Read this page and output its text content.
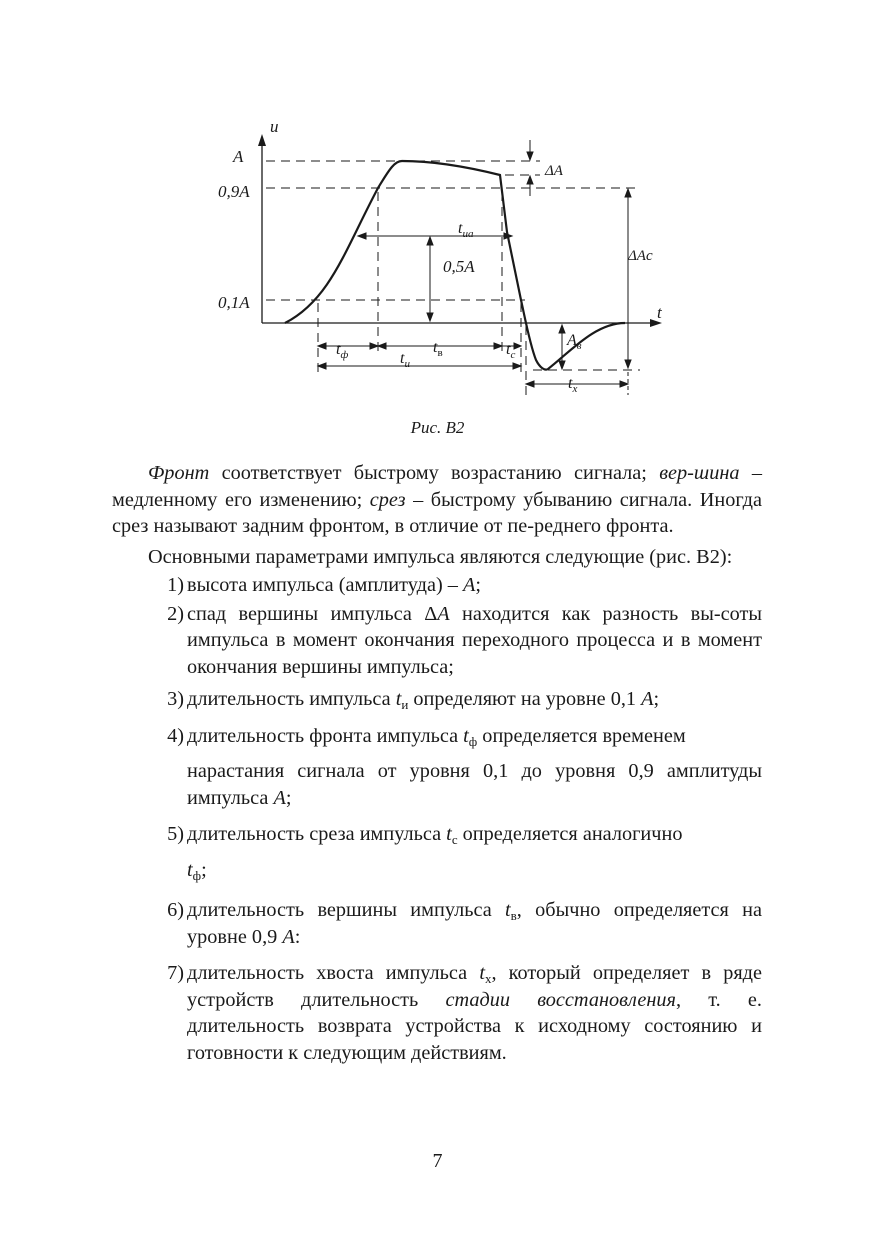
u
t
A
0,9A
0,1A
0,5A
ΔA
ΔAc
$A_в$
$t_{иа}$
$t_ф$	$t_в$	$t_с$
$t_и$
$t_x$
Рис. В2

Фронт соответствует быстрому возрастанию сигнала; вер-шина – медленному его изменению; срез – быстрому убыванию сигнала. Иногда срез называют задним фронтом, в отличие от пе-реднего фронта.

Основными параметрами импульса являются следующие (рис. В2):

1) высота импульса (амплитуда) – A;
2) спад вершины импульса ΔA находится как разность вы-соты импульса в момент окончания переходного процесса и в момент окончания вершины импульса;
3) длительность импульса $t_и$ определяют на уровне 0,1 A;
4) длительность фронта импульса $t_ф$ определяется временем
нарастания сигнала от уровня 0,1 до уровня 0,9 амплитуды импульса A;
5) длительность среза импульса $t_с$ определяется аналогично
$t_ф$;
6) длительность вершины импульса $t_в$, обычно определяется на уровне 0,9 A:
7) длительность хвоста импульса $t_x$, который определяет в ряде устройств длительность стадии восстановления, т. е. длительность возврата устройства к исходному состоянию и готовности к следующим действиям.
7
